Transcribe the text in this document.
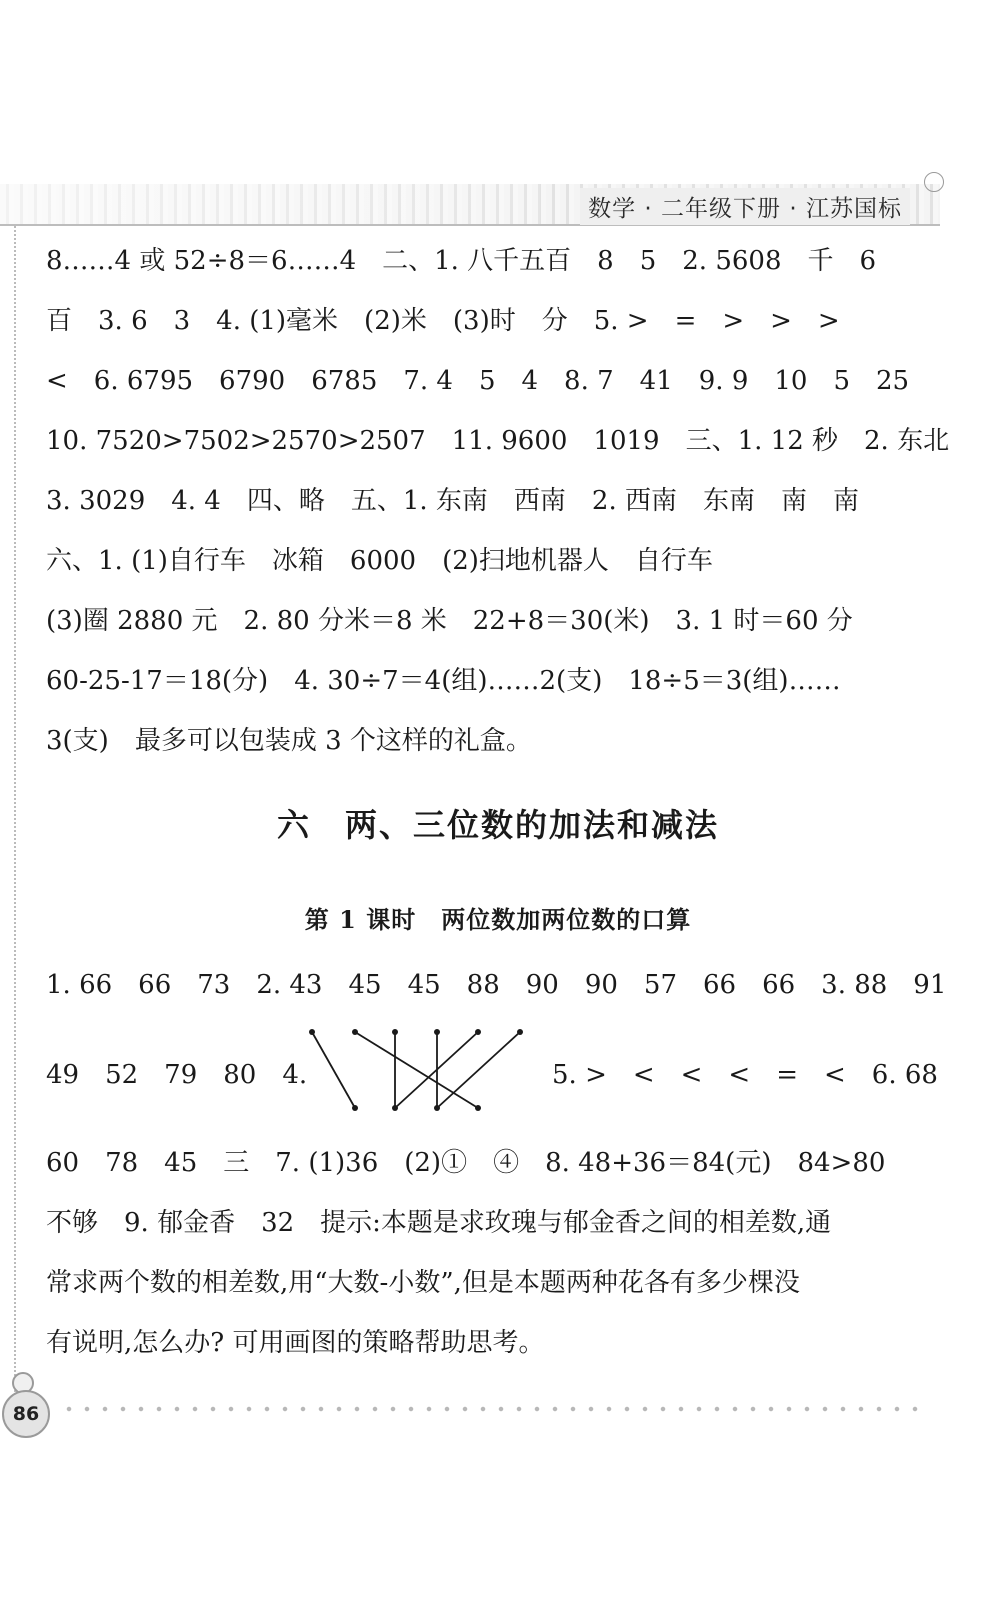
数学 · 二年级下册 · 江苏国标
8……4 或 52÷8＝6……4　二、1. 八千五百　8　5　2. 5608　千　6
百　3. 6　3　4. (1)毫米　(2)米　(3)时　分　5. >　=　>　>　>
<　6. 6795　6790　6785　7. 4　5　4　8. 7　41　9. 9　10　5　25
10. 7520>7502>2570>2507　11. 9600　1019　三、1. 12 秒　2. 东北
3. 3029　4. 4　四、略　五、1. 东南　西南　2. 西南　东南　南　南
六、1. (1)自行车　冰箱　6000　(2)扫地机器人　自行车
(3)圈 2880 元　2. 80 分米＝8 米　22+8＝30(米)　3. 1 时＝60 分
60-25-17＝18(分)　4. 30÷7＝4(组)……2(支)　18÷5＝3(组)……
3(支)　最多可以包装成 3 个这样的礼盒。
六　两、三位数的加法和减法
第 1 课时　两位数加两位数的口算
1. 66　66　73　2. 43　45　45　88　90　90　57　66　66　3. 88　91
49　52　79　80　4.	5. >　<　<　<　=　<　6. 68
60　78　45　三　7. (1)36　(2)①　④　8. 48+36＝84(元)　84>80
不够　9. 郁金香　32　提示:本题是求玫瑰与郁金香之间的相差数,通
常求两个数的相差数,用“大数-小数”,但是本题两种花各有多少棵没
有说明,怎么办? 可用画图的策略帮助思考。
86
